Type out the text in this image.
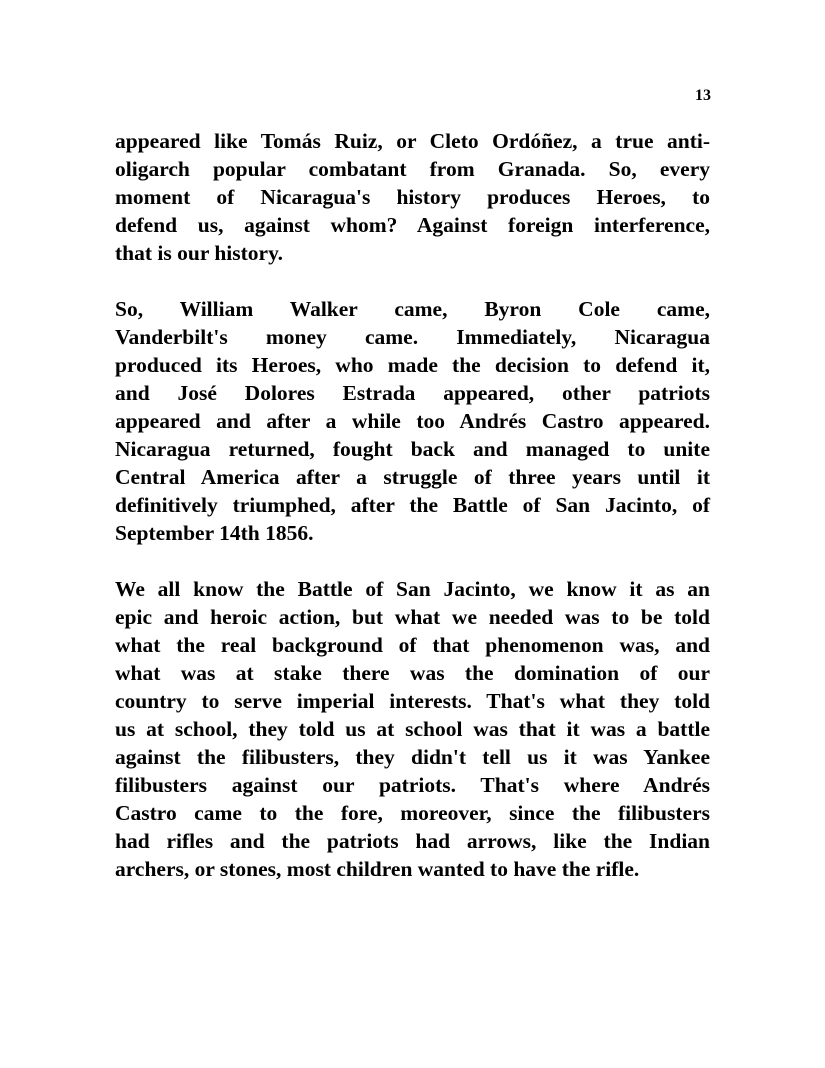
13

appeared like Tomás Ruiz, or Cleto Ordóñez, a true anti-
oligarch popular combatant from Granada. So, every
moment of Nicaragua's history produces Heroes, to
defend us, against whom? Against foreign interference,
that is our history.

So, William Walker came, Byron Cole came,
Vanderbilt's money came. Immediately, Nicaragua
produced its Heroes, who made the decision to defend it,
and José Dolores Estrada appeared, other patriots
appeared and after a while too Andrés Castro appeared.
Nicaragua returned, fought back and managed to unite
Central America after a struggle of three years until it
definitively triumphed, after the Battle of San Jacinto, of
September 14th 1856.

We all know the Battle of San Jacinto, we know it as an
epic and heroic action, but what we needed was to be told
what the real background of that phenomenon was, and
what was at stake there was the domination of our
country to serve imperial interests. That's what they told
us at school, they told us at school was that it was a battle
against the filibusters, they didn't tell us it was Yankee
filibusters against our patriots. That's where Andrés
Castro came to the fore, moreover, since the filibusters
had rifles and the patriots had arrows, like the Indian
archers, or stones, most children wanted to have the rifle.
